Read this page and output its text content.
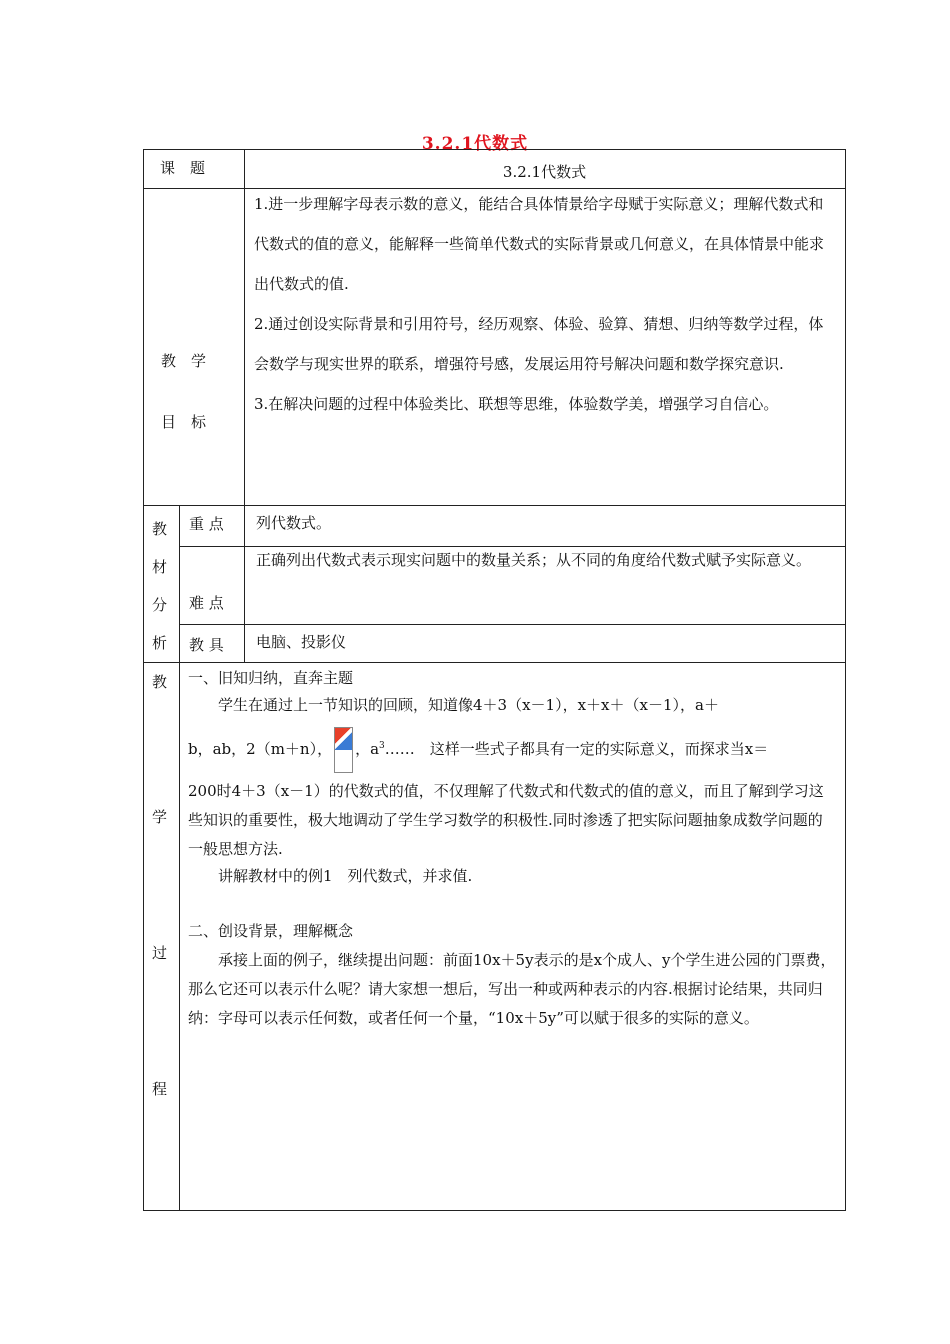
3.2.1代数式
课　题	3.2.1代数式
教　学
目　标
1.进一步理解字母表示数的意义，能结合具体情景给字母赋于实际意义；理解代数式和代数式的值的意义，能解释一些简单代数式的实际背景或几何意义，在具体情景中能求出代数式的值.
2.通过创设实际背景和引用符号，经历观察、体验、验算、猜想、归纳等数学过程，体会数学与现实世界的联系，增强符号感，发展运用符号解决问题和数学探究意识.
3.在解决问题的过程中体验类比、联想等思维，体验数学美，增强学习自信心。
教
材
分
析
重 点 列代数式。
难 点
正确列出代数式表示现实问题中的数量关系；从不同的角度给代数式赋予实际意义。
教 具 电脑、投影仪
教
学
过
程
一、旧知归纳，直奔主题
学生在通过上一节知识的回顾，知道像4＋3（x－1），x＋x＋（x－1），a＋
b，ab，2（m＋n）， ，$a^3\dots\dots$　这样一些式子都具有一定的实际意义，而探求当x＝
200时4＋3（x－1）的代数式的值，不仅理解了代数式和代数式的值的意义，而且了解到学习这些知识的重要性，极大地调动了学生学习数学的积极性.同时渗透了把实际问题抽象成数学问题的一般思想方法.
讲解教材中的例1　列代数式，并求值.
二、创设背景，理解概念
承接上面的例子，继续提出问题：前面10x＋5y表示的是x个成人、y个学生进公园的门票费，那么它还可以表示什么呢？请大家想一想后，写出一种或两种表示的内容.根据讨论结果，共同归纳：字母可以表示任何数，或者任何一个量，“10x＋5y”可以赋于很多的实际的意义。
